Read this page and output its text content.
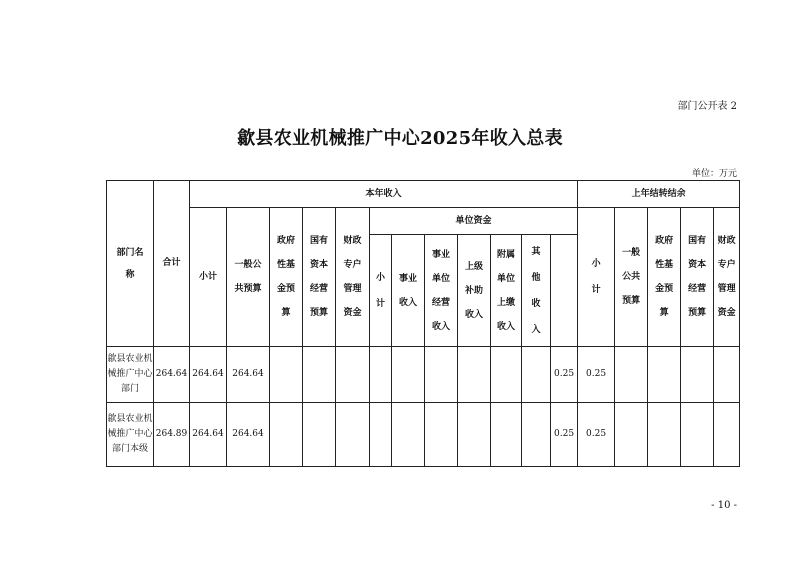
部门公开表 2
歙县农业机械推广中心2025年收入总表
单位：万元
部门名称	合计	本年收入												上年结转结余					
		小计	一般公共预算	政府性基金预算	国有资本经营预算	财政专户管理资金	单位资金							小计	一般公共预算	政府性基金预算	国有资本经营预算	财政专户管理资金

							小计	事业收入	事业单位经营收入	上级补助收入	附属单位上缴收入	其他收入							

歙县农业机械推广中心部门	264.64	264.64	264.64										0.25	0.25					
歙县农业机械推广中心部门本级	264.89	264.64	264.64										0.25	0.25					
- 10 -
